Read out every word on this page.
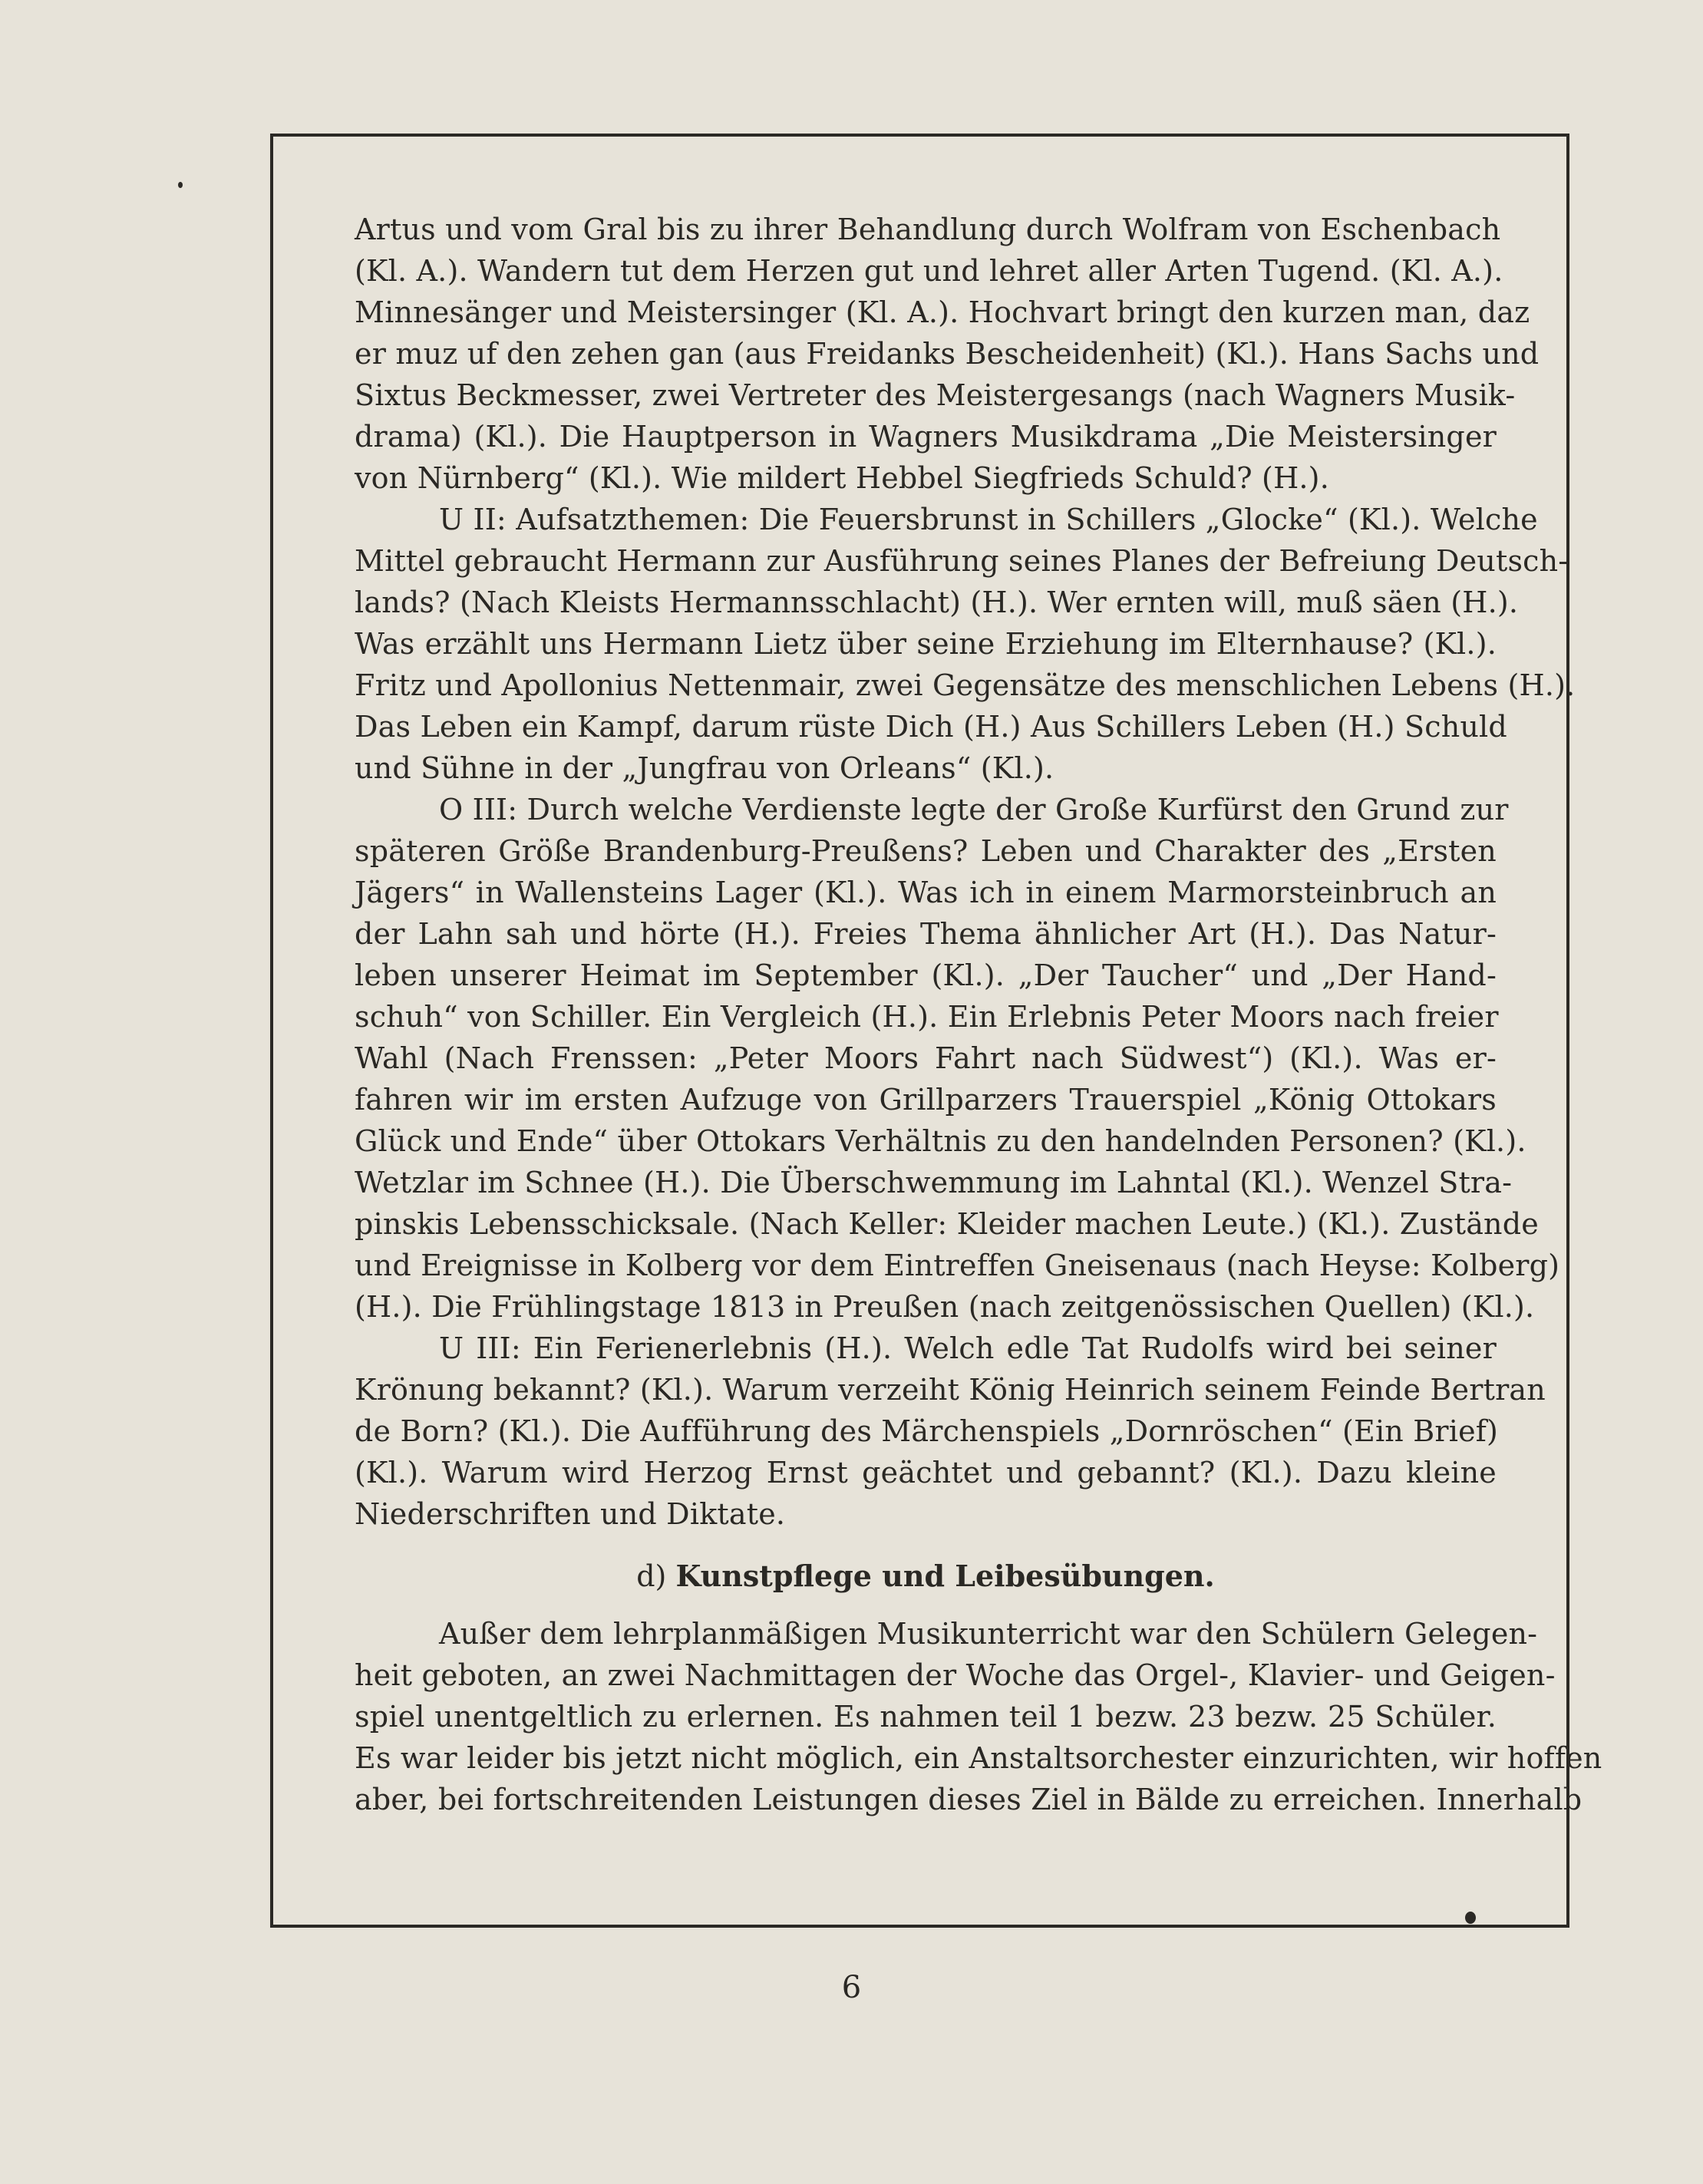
Artus und vom Gral bis zu ihrer Behandlung durch Wolfram von Eschenbach
(Kl. A.). Wandern tut dem Herzen gut und lehret aller Arten Tugend. (Kl. A.).
Minnesänger und Meistersinger (Kl. A.). Hochvart bringt den kurzen man, daz
er muz uf den zehen gan (aus Freidanks Bescheidenheit) (Kl.). Hans Sachs und
Sixtus Beckmesser, zwei Vertreter des Meistergesangs (nach Wagners Musik-
drama) (Kl.). Die Hauptperson in Wagners Musikdrama „Die Meistersinger
von Nürnberg“ (Kl.). Wie mildert Hebbel Siegfrieds Schuld? (H.).
U II: Aufsatzthemen: Die Feuersbrunst in Schillers „Glocke“ (Kl.). Welche
Mittel gebraucht Hermann zur Ausführung seines Planes der Befreiung Deutsch-
lands? (Nach Kleists Hermannsschlacht) (H.). Wer ernten will, muß säen (H.).
Was erzählt uns Hermann Lietz über seine Erziehung im Elternhause? (Kl.).
Fritz und Apollonius Nettenmair, zwei Gegensätze des menschlichen Lebens (H.).
Das Leben ein Kampf, darum rüste Dich (H.) Aus Schillers Leben (H.) Schuld
und Sühne in der „Jungfrau von Orleans“ (Kl.).
O III: Durch welche Verdienste legte der Große Kurfürst den Grund zur
späteren Größe Brandenburg-Preußens? Leben und Charakter des „Ersten
Jägers“ in Wallensteins Lager (Kl.). Was ich in einem Marmorsteinbruch an
der Lahn sah und hörte (H.). Freies Thema ähnlicher Art (H.). Das Natur-
leben unserer Heimat im September (Kl.). „Der Taucher“ und „Der Hand-
schuh“ von Schiller. Ein Vergleich (H.). Ein Erlebnis Peter Moors nach freier
Wahl (Nach Frenssen: „Peter Moors Fahrt nach Südwest“) (Kl.). Was er-
fahren wir im ersten Aufzuge von Grillparzers Trauerspiel „König Ottokars
Glück und Ende“ über Ottokars Verhältnis zu den handelnden Personen? (Kl.).
Wetzlar im Schnee (H.). Die Überschwemmung im Lahntal (Kl.). Wenzel Stra-
pinskis Lebensschicksale. (Nach Keller: Kleider machen Leute.) (Kl.). Zustände
und Ereignisse in Kolberg vor dem Eintreffen Gneisenaus (nach Heyse: Kolberg)
(H.). Die Frühlingstage 1813 in Preußen (nach zeitgenössischen Quellen) (Kl.).
U III: Ein Ferienerlebnis (H.). Welch edle Tat Rudolfs wird bei seiner
Krönung bekannt? (Kl.). Warum verzeiht König Heinrich seinem Feinde Bertran
de Born? (Kl.). Die Aufführung des Märchenspiels „Dornröschen“ (Ein Brief)
(Kl.). Warum wird Herzog Ernst geächtet und gebannt? (Kl.). Dazu kleine
Niederschriften und Diktate.
d) Kunstpflege und Leibesübungen.
Außer dem lehrplanmäßigen Musikunterricht war den Schülern Gelegen-
heit geboten, an zwei Nachmittagen der Woche das Orgel-, Klavier- und Geigen-
spiel unentgeltlich zu erlernen. Es nahmen teil 1 bezw. 23 bezw. 25 Schüler.
Es war leider bis jetzt nicht möglich, ein Anstaltsorchester einzurichten, wir hoffen
aber, bei fortschreitenden Leistungen dieses Ziel in Bälde zu erreichen. Innerhalb
6
